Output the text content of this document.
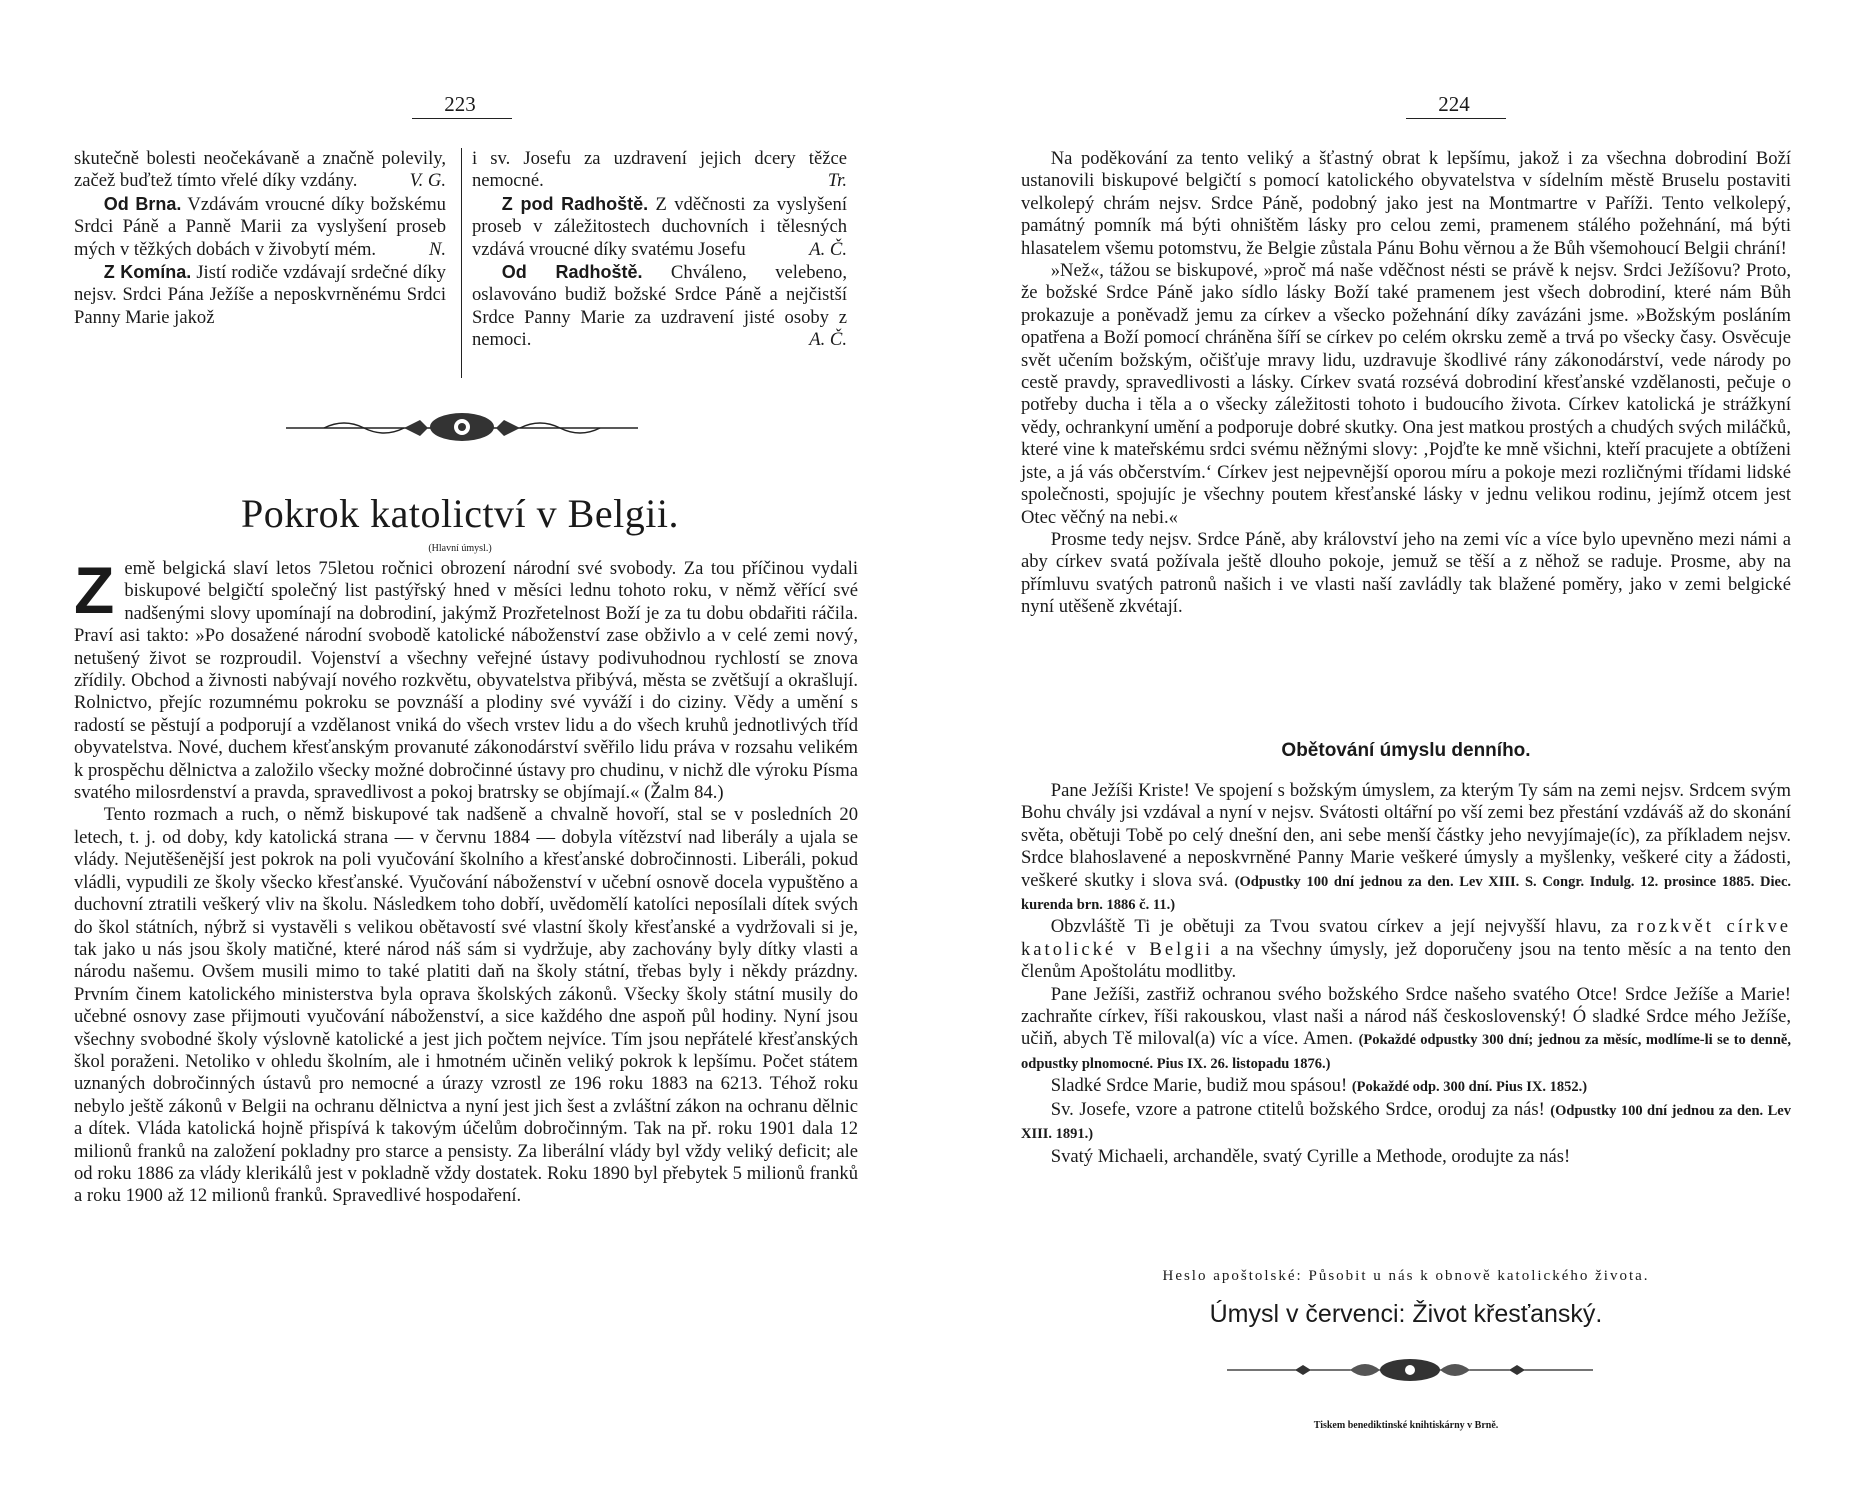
223

skutečně bolesti neočekávaně a značně polevily, začež buďtež tímto vřelé díky vzdány.	V. G.

Od Brna. Vzdávám vroucné díky božskému Srdci Páně a Panně Marii za vyslyšení proseb mých v těžkých dobách v živobytí mém.	N.

Z Komína. Jistí rodiče vzdávají srdečné díky nejsv. Srdci Pána Ježíše a neposkvrněnému Srdci Panny Marie jakož

i sv. Josefu za uzdravení jejich dcery těžce nemocné.	Tr.

Z pod Radhoště. Z vděčnosti za vyslyšení proseb v záležitostech duchovních i tělesných vzdává vroucné díky svatému Josefu	A. Č.

Od Radhoště. Chváleno, velebeno, oslavováno budiž božské Srdce Páně a nejčistší Srdce Panny Marie za uzdravení jisté osoby z nemoci.	A. Č.

Pokrok katolictví v Belgii.
(Hlavní úmysl.)

Země belgická slaví letos 75letou ročnici obrození národní své svobody. Za tou příčinou vydali biskupové belgičtí společný list pastýřský hned v měsíci lednu tohoto roku, v němž věřící své nadšenými slovy upomínají na dobrodiní, jakýmž Prozřetelnost Boží je za tu dobu obdařiti ráčila. Praví asi takto: »Po dosažené národní svobodě katolické náboženství zase obživlo a v celé zemi nový, netušený život se rozproudil. Vojenství a všechny veřejné ústavy podivuhodnou rychlostí se znova zřídily. Obchod a živnosti nabývají nového rozkvětu, obyvatelstva přibývá, města se zvětšují a okrašlují. Rolnictvo, přejíc rozumnému pokroku se povznáší a plodiny své vyváží i do ciziny. Vědy a umění s radostí se pěstují a podporují a vzdělanost vniká do všech vrstev lidu a do všech kruhů jednotlivých tříd obyvatelstva. Nové, duchem křesťanským provanuté zákonodárství svěřilo lidu práva v rozsahu velikém k prospěchu dělnictva a založilo všecky možné dobročinné ústavy pro chudinu, v nichž dle výroku Písma svatého milosrdenství a pravda, spravedlivost a pokoj bratrsky se objímají.« (Žalm 84.)

Tento rozmach a ruch, o němž biskupové tak nadšeně a chvalně hovoří, stal se v posledních 20 letech, t. j. od doby, kdy katolická strana — v červnu 1884 — dobyla vítězství nad liberály a ujala se vlády. Nejutěšenější jest pokrok na poli vyučování školního a křesťanské dobročinnosti. Liberáli, pokud vládli, vypudili ze školy všecko křesťanské. Vyučování náboženství v učební osnově docela vypuštěno a duchovní ztratili veškerý vliv na školu. Následkem toho dobří, uvědomělí katolíci neposílali dítek svých do škol státních, nýbrž si vystavěli s velikou obětavostí své vlastní školy křesťanské a vydržovali si je, tak jako u nás jsou školy matičné, které národ náš sám si vydržuje, aby zachovány byly dítky vlasti a národu našemu. Ovšem musili mimo to také platiti daň na školy státní, třebas byly i někdy prázdny. Prvním činem katolického ministerstva byla oprava školských zákonů. Všecky školy státní musily do učebné osnovy zase přijmouti vyučování náboženství, a sice každého dne aspoň půl hodiny. Nyní jsou všechny svobodné školy výslovně katolické a jest jich počtem nejvíce. Tím jsou nepřátelé křesťanských škol poraženi. Netoliko v ohledu školním, ale i hmotném učiněn veliký pokrok k lepšímu. Počet státem uznaných dobročinných ústavů pro nemocné a úrazy vzrostl ze 196 roku 1883 na 6213. Téhož roku nebylo ještě zákonů v Belgii na ochranu dělnictva a nyní jest jich šest a zvláštní zákon na ochranu dělnic a dítek. Vláda katolická hojně přispívá k takovým účelům dobročinným. Tak na př. roku 1901 dala 12 milionů franků na založení pokladny pro starce a pensisty. Za liberální vlády byl vždy veliký deficit; ale od roku 1886 za vlády klerikálů jest v pokladně vždy dostatek. Roku 1890 byl přebytek 5 milionů franků a roku 1900 až 12 milionů franků. Spravedlivé hospodaření.

224

Na poděkování za tento veliký a šťastný obrat k lepšímu, jakož i za všechna dobrodiní Boží ustanovili biskupové belgičtí s pomocí katolického obyvatelstva v sídelním městě Bruselu postaviti velkolepý chrám nejsv. Srdce Páně, podobný jako jest na Montmartre v Paříži. Tento velkolepý, památný pomník má býti ohništěm lásky pro celou zemi, pramenem stálého požehnání, má býti hlasatelem všemu potomstvu, že Belgie zůstala Pánu Bohu věrnou a že Bůh všemohoucí Belgii chrání!

»Než«, tážou se biskupové, »proč má naše vděčnost nésti se právě k nejsv. Srdci Ježíšovu? Proto, že božské Srdce Páně jako sídlo lásky Boží také pramenem jest všech dobrodiní, které nám Bůh prokazuje a poněvadž jemu za církev a všecko požehnání díky zavázáni jsme. »Božským posláním opatřena a Boží pomocí chráněna šíří se církev po celém okrsku země a trvá po všecky časy. Osvěcuje svět učením božským, očišťuje mravy lidu, uzdravuje škodlivé rány zákonodárství, vede národy po cestě pravdy, spravedlivosti a lásky. Církev svatá rozsévá dobrodiní křesťanské vzdělanosti, pečuje o potřeby ducha i těla a o všecky záležitosti tohoto i budoucího života. Církev katolická je strážkyní vědy, ochrankyní umění a podporuje dobré skutky. Ona jest matkou prostých a chudých svých miláčků, které vine k mateřskému srdci svému něžnými slovy: ‚Pojďte ke mně všichni, kteří pracujete a obtíženi jste, a já vás občerstvím.‘ Církev jest nejpevnější oporou míru a pokoje mezi rozličnými třídami lidské společnosti, spojujíc je všechny poutem křesťanské lásky v jednu velikou rodinu, jejímž otcem jest Otec věčný na nebi.«

Prosme tedy nejsv. Srdce Páně, aby království jeho na zemi víc a více bylo upevněno mezi námi a aby církev svatá požívala ještě dlouho pokoje, jemuž se těší a z něhož se raduje. Prosme, aby na přímluvu svatých patronů našich i ve vlasti naší zavládly tak blažené poměry, jako v zemi belgické nyní utěšeně zkvétají.

Obětování úmyslu denního.

Pane Ježíši Kriste! Ve spojení s božským úmyslem, za kterým Ty sám na zemi nejsv. Srdcem svým Bohu chvály jsi vzdával a nyní v nejsv. Svátosti oltářní po vší zemi bez přestání vzdáváš až do skonání světa, obětuji Tobě po celý dnešní den, ani sebe menší částky jeho nevyjímaje(íc), za příkladem nejsv. Srdce blahoslavené a neposkvrněné Panny Marie veškeré úmysly a myšlenky, veškeré city a žádosti, veškeré skutky i slova svá. (Odpustky 100 dní jednou za den. Lev XIII. S. Congr. Indulg. 12. prosince 1885. Diec. kurenda brn. 1886 č. 11.)

Obzvláště Ti je obětuji za Tvou svatou církev a její nejvyšší hlavu, za rozkvět církve katolické v Belgii a na všechny úmysly, jež doporučeny jsou na tento měsíc a na tento den členům Apoštolátu modlitby.

Pane Ježíši, zastřiž ochranou svého božského Srdce našeho svatého Otce! Srdce Ježíše a Marie! zachraňte církev, říši rakouskou, vlast naši a národ náš československý! Ó sladké Srdce mého Ježíše, učiň, abych Tě miloval(a) víc a více. Amen. (Pokaždé odpustky 300 dní; jednou za měsíc, modlíme-li se to denně, odpustky plnomocné. Pius IX. 26. listopadu 1876.)

Sladké Srdce Marie, budiž mou spásou! (Pokaždé odp. 300 dní. Pius IX. 1852.)

Sv. Josefe, vzore a patrone ctitelů božského Srdce, oroduj za nás! (Odpustky 100 dní jednou za den. Lev XIII. 1891.)

Svatý Michaeli, archanděle, svatý Cyrille a Methode, orodujte za nás!

Heslo apoštolské: Působit u nás k obnově katolického života.
Úmysl v červenci: Život křesťanský.
Tiskem benediktinské knihtiskárny v Brně.
